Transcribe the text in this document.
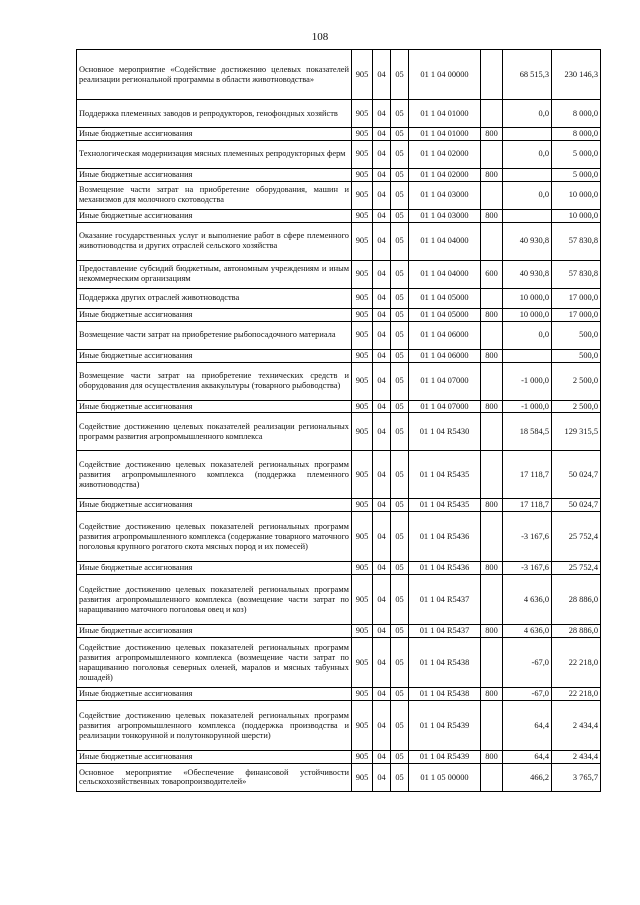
108
Основное мероприятие «Содействие достижению целевых показателей реализации региональной программы в области животноводства»	905	04	05	01 1 04 00000		68 515,3	230 146,3
Поддержка племенных заводов и репродукторов, генофондных хозяйств	905	04	05	01 1 04 01000		0,0	8 000,0
Иные бюджетные ассигнования	905	04	05	01 1 04 01000	800		8 000,0
Технологическая модернизация мясных племенных репродукторных ферм	905	04	05	01 1 04 02000		0,0	5 000,0
Иные бюджетные ассигнования	905	04	05	01 1 04 02000	800		5 000,0
Возмещение части затрат на приобретение оборудования, машин и механизмов для молочного скотоводства	905	04	05	01 1 04 03000		0,0	10 000,0
Иные бюджетные ассигнования	905	04	05	01 1 04 03000	800		10 000,0
Оказание государственных услуг и выполнение работ в сфере племенного животноводства и других отраслей сельского хозяйства	905	04	05	01 1 04 04000		40 930,8	57 830,8
Предоставление субсидий бюджетным, автономным учреждениям и иным некоммерческим организациям	905	04	05	01 1 04 04000	600	40 930,8	57 830,8
Поддержка других отраслей животноводства	905	04	05	01 1 04 05000		10 000,0	17 000,0
Иные бюджетные ассигнования	905	04	05	01 1 04 05000	800	10 000,0	17 000,0
Возмещение части затрат на приобретение рыбопосадочного материала	905	04	05	01 1 04 06000		0,0	500,0
Иные бюджетные ассигнования	905	04	05	01 1 04 06000	800		500,0
Возмещение части затрат на приобретение технических средств и оборудования для осуществления аквакультуры (товарного рыбоводства)	905	04	05	01 1 04 07000		-1 000,0	2 500,0
Иные бюджетные ассигнования	905	04	05	01 1 04 07000	800	-1 000,0	2 500,0
Содействие достижению целевых показателей реализации региональных программ развития агропромышленного комплекса	905	04	05	01 1 04 R5430		18 584,5	129 315,5
Содействие достижению целевых показателей региональных программ развития агропромышленного комплекса (поддержка племенного животноводства)	905	04	05	01 1 04 R5435		17 118,7	50 024,7
Иные бюджетные ассигнования	905	04	05	01 1 04 R5435	800	17 118,7	50 024,7
Содействие достижению целевых показателей региональных программ развития агропромышленного комплекса (содержание товарного маточного поголовья крупного рогатого скота мясных пород и их помесей)	905	04	05	01 1 04 R5436		-3 167,6	25 752,4
Иные бюджетные ассигнования	905	04	05	01 1 04 R5436	800	-3 167,6	25 752,4
Содействие достижению целевых показателей региональных программ развития агропромышленного комплекса (возмещение части затрат по наращиванию маточного поголовья овец и коз)	905	04	05	01 1 04 R5437		4 636,0	28 886,0
Иные бюджетные ассигнования	905	04	05	01 1 04 R5437	800	4 636,0	28 886,0
Содействие достижению целевых показателей региональных программ развития агропромышленного комплекса (возмещение части затрат по наращиванию поголовья северных оленей, маралов и мясных табунных лошадей)	905	04	05	01 1 04 R5438		-67,0	22 218,0
Иные бюджетные ассигнования	905	04	05	01 1 04 R5438	800	-67,0	22 218,0
Содействие достижению целевых показателей региональных программ развития агропромышленного комплекса (поддержка производства и реализации тонкорунной и полутонкорунной шерсти)	905	04	05	01 1 04 R5439		64,4	2 434,4
Иные бюджетные ассигнования	905	04	05	01 1 04 R5439	800	64,4	2 434,4
Основное мероприятие «Обеспечение финансовой устойчивости сельскохозяйственных товаропроизводителей»	905	04	05	01 1 05 00000		466,2	3 765,7
